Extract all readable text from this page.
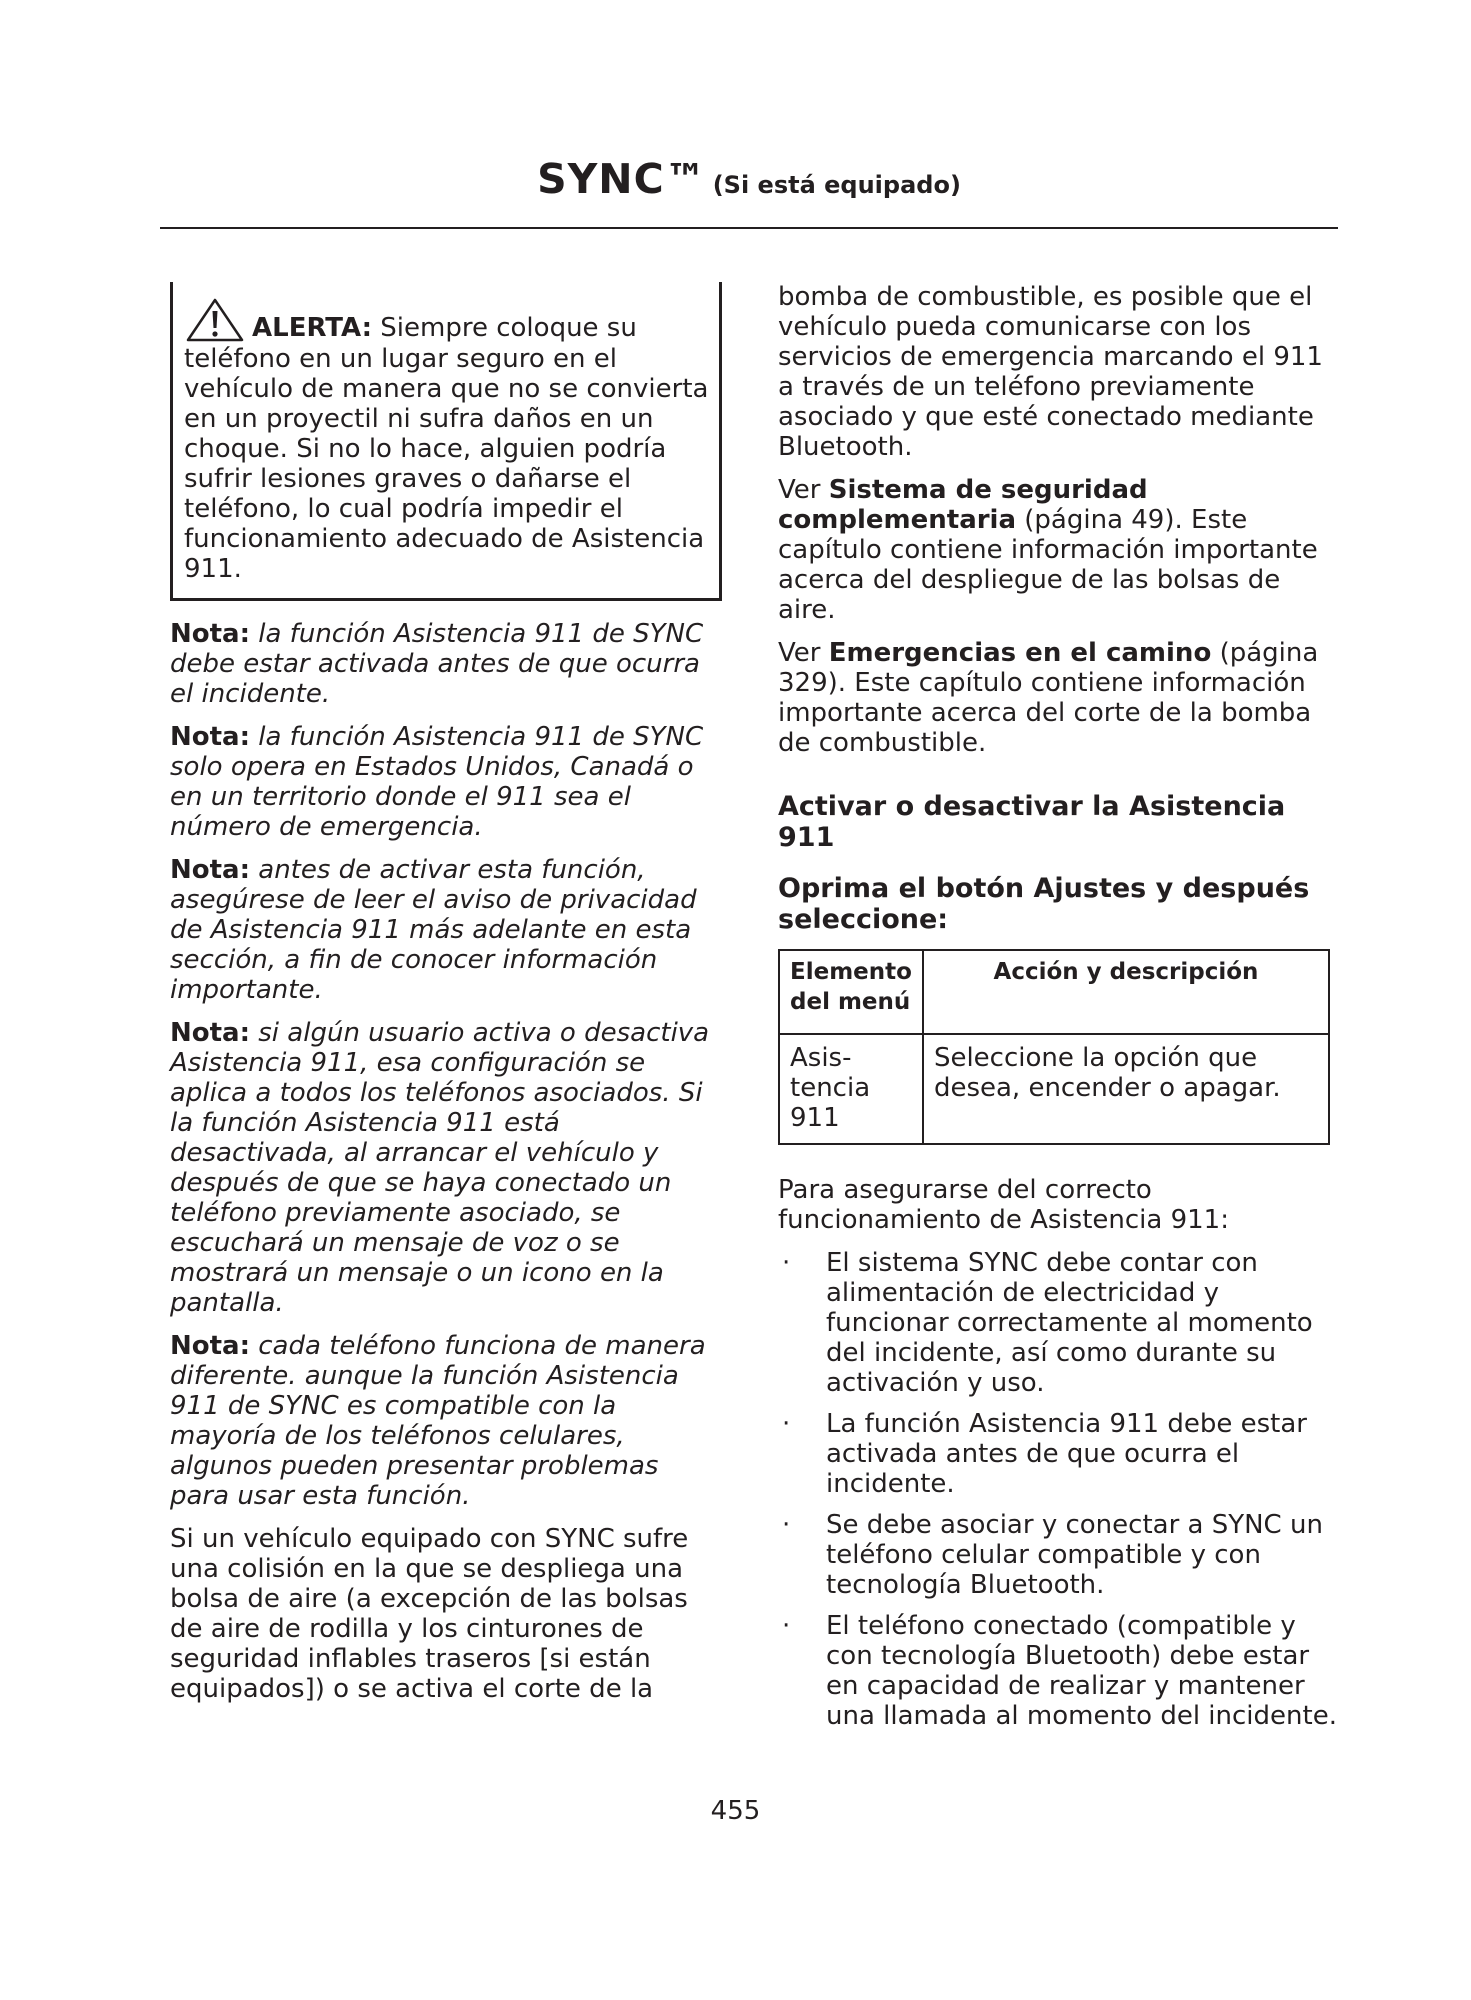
SYNC™ (Si está equipado)

ALERTA: Siempre coloque su teléfono en un lugar seguro en el vehículo de manera que no se convierta en un proyectil ni sufra daños en un choque. Si no lo hace, alguien podría sufrir lesiones graves o dañarse el teléfono, lo cual podría impedir el funcionamiento adecuado de Asistencia 911.

Nota: la función Asistencia 911 de SYNC debe estar activada antes de que ocurra el incidente.

Nota: la función Asistencia 911 de SYNC solo opera en Estados Unidos, Canadá o en un territorio donde el 911 sea el número de emergencia.

Nota: antes de activar esta función, asegúrese de leer el aviso de privacidad de Asistencia 911 más adelante en esta sección, a fin de conocer información importante.

Nota: si algún usuario activa o desactiva Asistencia 911, esa configuración se aplica a todos los teléfonos asociados. Si la función Asistencia 911 está desactivada, al arrancar el vehículo y después de que se haya conectado un teléfono previamente asociado, se escuchará un mensaje de voz o se mostrará un mensaje o un icono en la pantalla.

Nota: cada teléfono funciona de manera diferente. aunque la función Asistencia 911 de SYNC es compatible con la mayoría de los teléfonos celulares, algunos pueden presentar problemas para usar esta función.

Si un vehículo equipado con SYNC sufre una colisión en la que se despliega una bolsa de aire (a excepción de las bolsas de aire de rodilla y los cinturones de seguridad inflables traseros [si están equipados]) o se activa el corte de la

bomba de combustible, es posible que el vehículo pueda comunicarse con los servicios de emergencia marcando el 911 a través de un teléfono previamente asociado y que esté conectado mediante Bluetooth.

Ver Sistema de seguridad complementaria (página 49). Este capítulo contiene información importante acerca del despliegue de las bolsas de aire.

Ver Emergencias en el camino (página 329). Este capítulo contiene información importante acerca del corte de la bomba de combustible.

Activar o desactivar la Asistencia 911
Oprima el botón Ajustes y después seleccione:
Elemento del menú	Acción y descripción
Asis-tencia 911	Seleccione la opción que desea, encender o apagar.

Para asegurarse del correcto funcionamiento de Asistencia 911:

· El sistema SYNC debe contar con alimentación de electricidad y funcionar correctamente al momento del incidente, así como durante su activación y uso.
· La función Asistencia 911 debe estar activada antes de que ocurra el incidente.
· Se debe asociar y conectar a SYNC un teléfono celular compatible y con tecnología Bluetooth.
· El teléfono conectado (compatible y con tecnología Bluetooth) debe estar en capacidad de realizar y mantener una llamada al momento del incidente.
455
